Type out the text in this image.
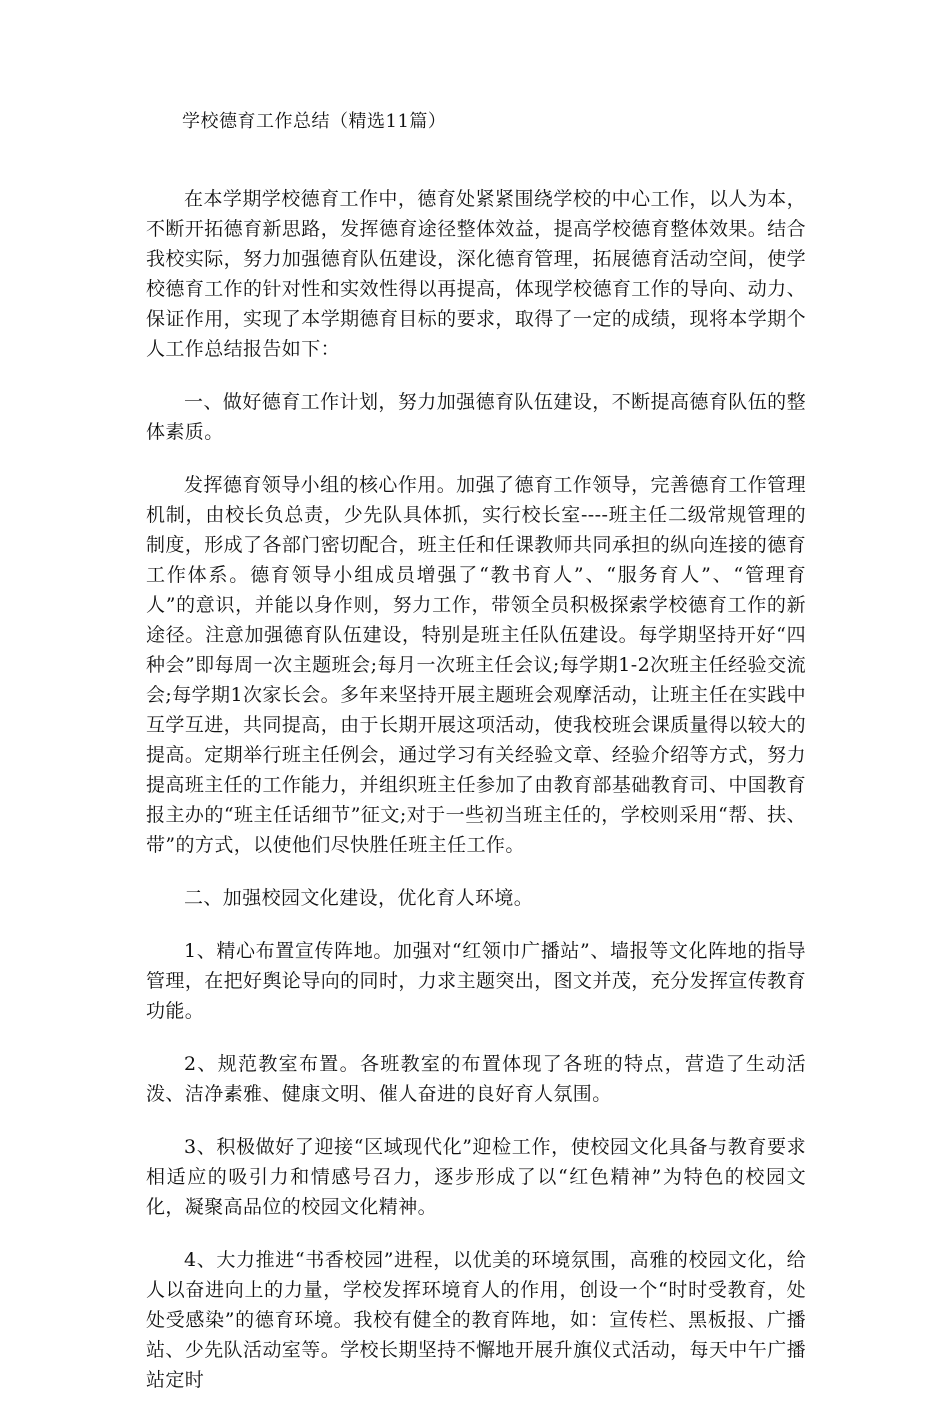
学校德育工作总结（精选11篇）

在本学期学校德育工作中，德育处紧紧围绕学校的中心工作，以人为本，不断开拓德育新思路，发挥德育途径整体效益，提高学校德育整体效果。结合我校实际，努力加强德育队伍建设，深化德育管理，拓展德育活动空间，使学校德育工作的针对性和实效性得以再提高，体现学校德育工作的导向、动力、保证作用，实现了本学期德育目标的要求，取得了一定的成绩，现将本学期个人工作总结报告如下：

一、做好德育工作计划，努力加强德育队伍建设，不断提高德育队伍的整体素质。

发挥德育领导小组的核心作用。加强了德育工作领导，完善德育工作管理机制，由校长负总责，少先队具体抓，实行校长室----班主任二级常规管理的制度，形成了各部门密切配合，班主任和任课教师共同承担的纵向连接的德育工作体系。德育领导小组成员增强了“教书育人”、“服务育人”、“管理育人”的意识，并能以身作则，努力工作，带领全员积极探索学校德育工作的新途径。注意加强德育队伍建设，特别是班主任队伍建设。每学期坚持开好“四种会”即每周一次主题班会;每月一次班主任会议;每学期1-2次班主任经验交流会;每学期1次家长会。多年来坚持开展主题班会观摩活动，让班主任在实践中互学互进，共同提高，由于长期开展这项活动，使我校班会课质量得以较大的提高。定期举行班主任例会，通过学习有关经验文章、经验介绍等方式，努力提高班主任的工作能力，并组织班主任参加了由教育部基础教育司、中国教育报主办的“班主任话细节”征文;对于一些初当班主任的，学校则采用“帮、扶、带”的方式，以使他们尽快胜任班主任工作。

二、加强校园文化建设，优化育人环境。

1、精心布置宣传阵地。加强对“红领巾广播站”、墙报等文化阵地的指导管理，在把好舆论导向的同时，力求主题突出，图文并茂，充分发挥宣传教育功能。

2、规范教室布置。各班教室的布置体现了各班的特点，营造了生动活泼、洁净素雅、健康文明、催人奋进的良好育人氛围。

3、积极做好了迎接“区域现代化”迎检工作，使校园文化具备与教育要求相适应的吸引力和情感号召力，逐步形成了以“红色精神”为特色的校园文化，凝聚高品位的校园文化精神。

4、大力推进“书香校园”进程，以优美的环境氛围，高雅的校园文化，给人以奋进向上的力量，学校发挥环境育人的作用，创设一个“时时受教育，处处受感染”的德育环境。我校有健全的教育阵地，如：宣传栏、黑板报、广播站、少先队活动室等。学校长期坚持不懈地开展升旗仪式活动，每天中午广播站定时
